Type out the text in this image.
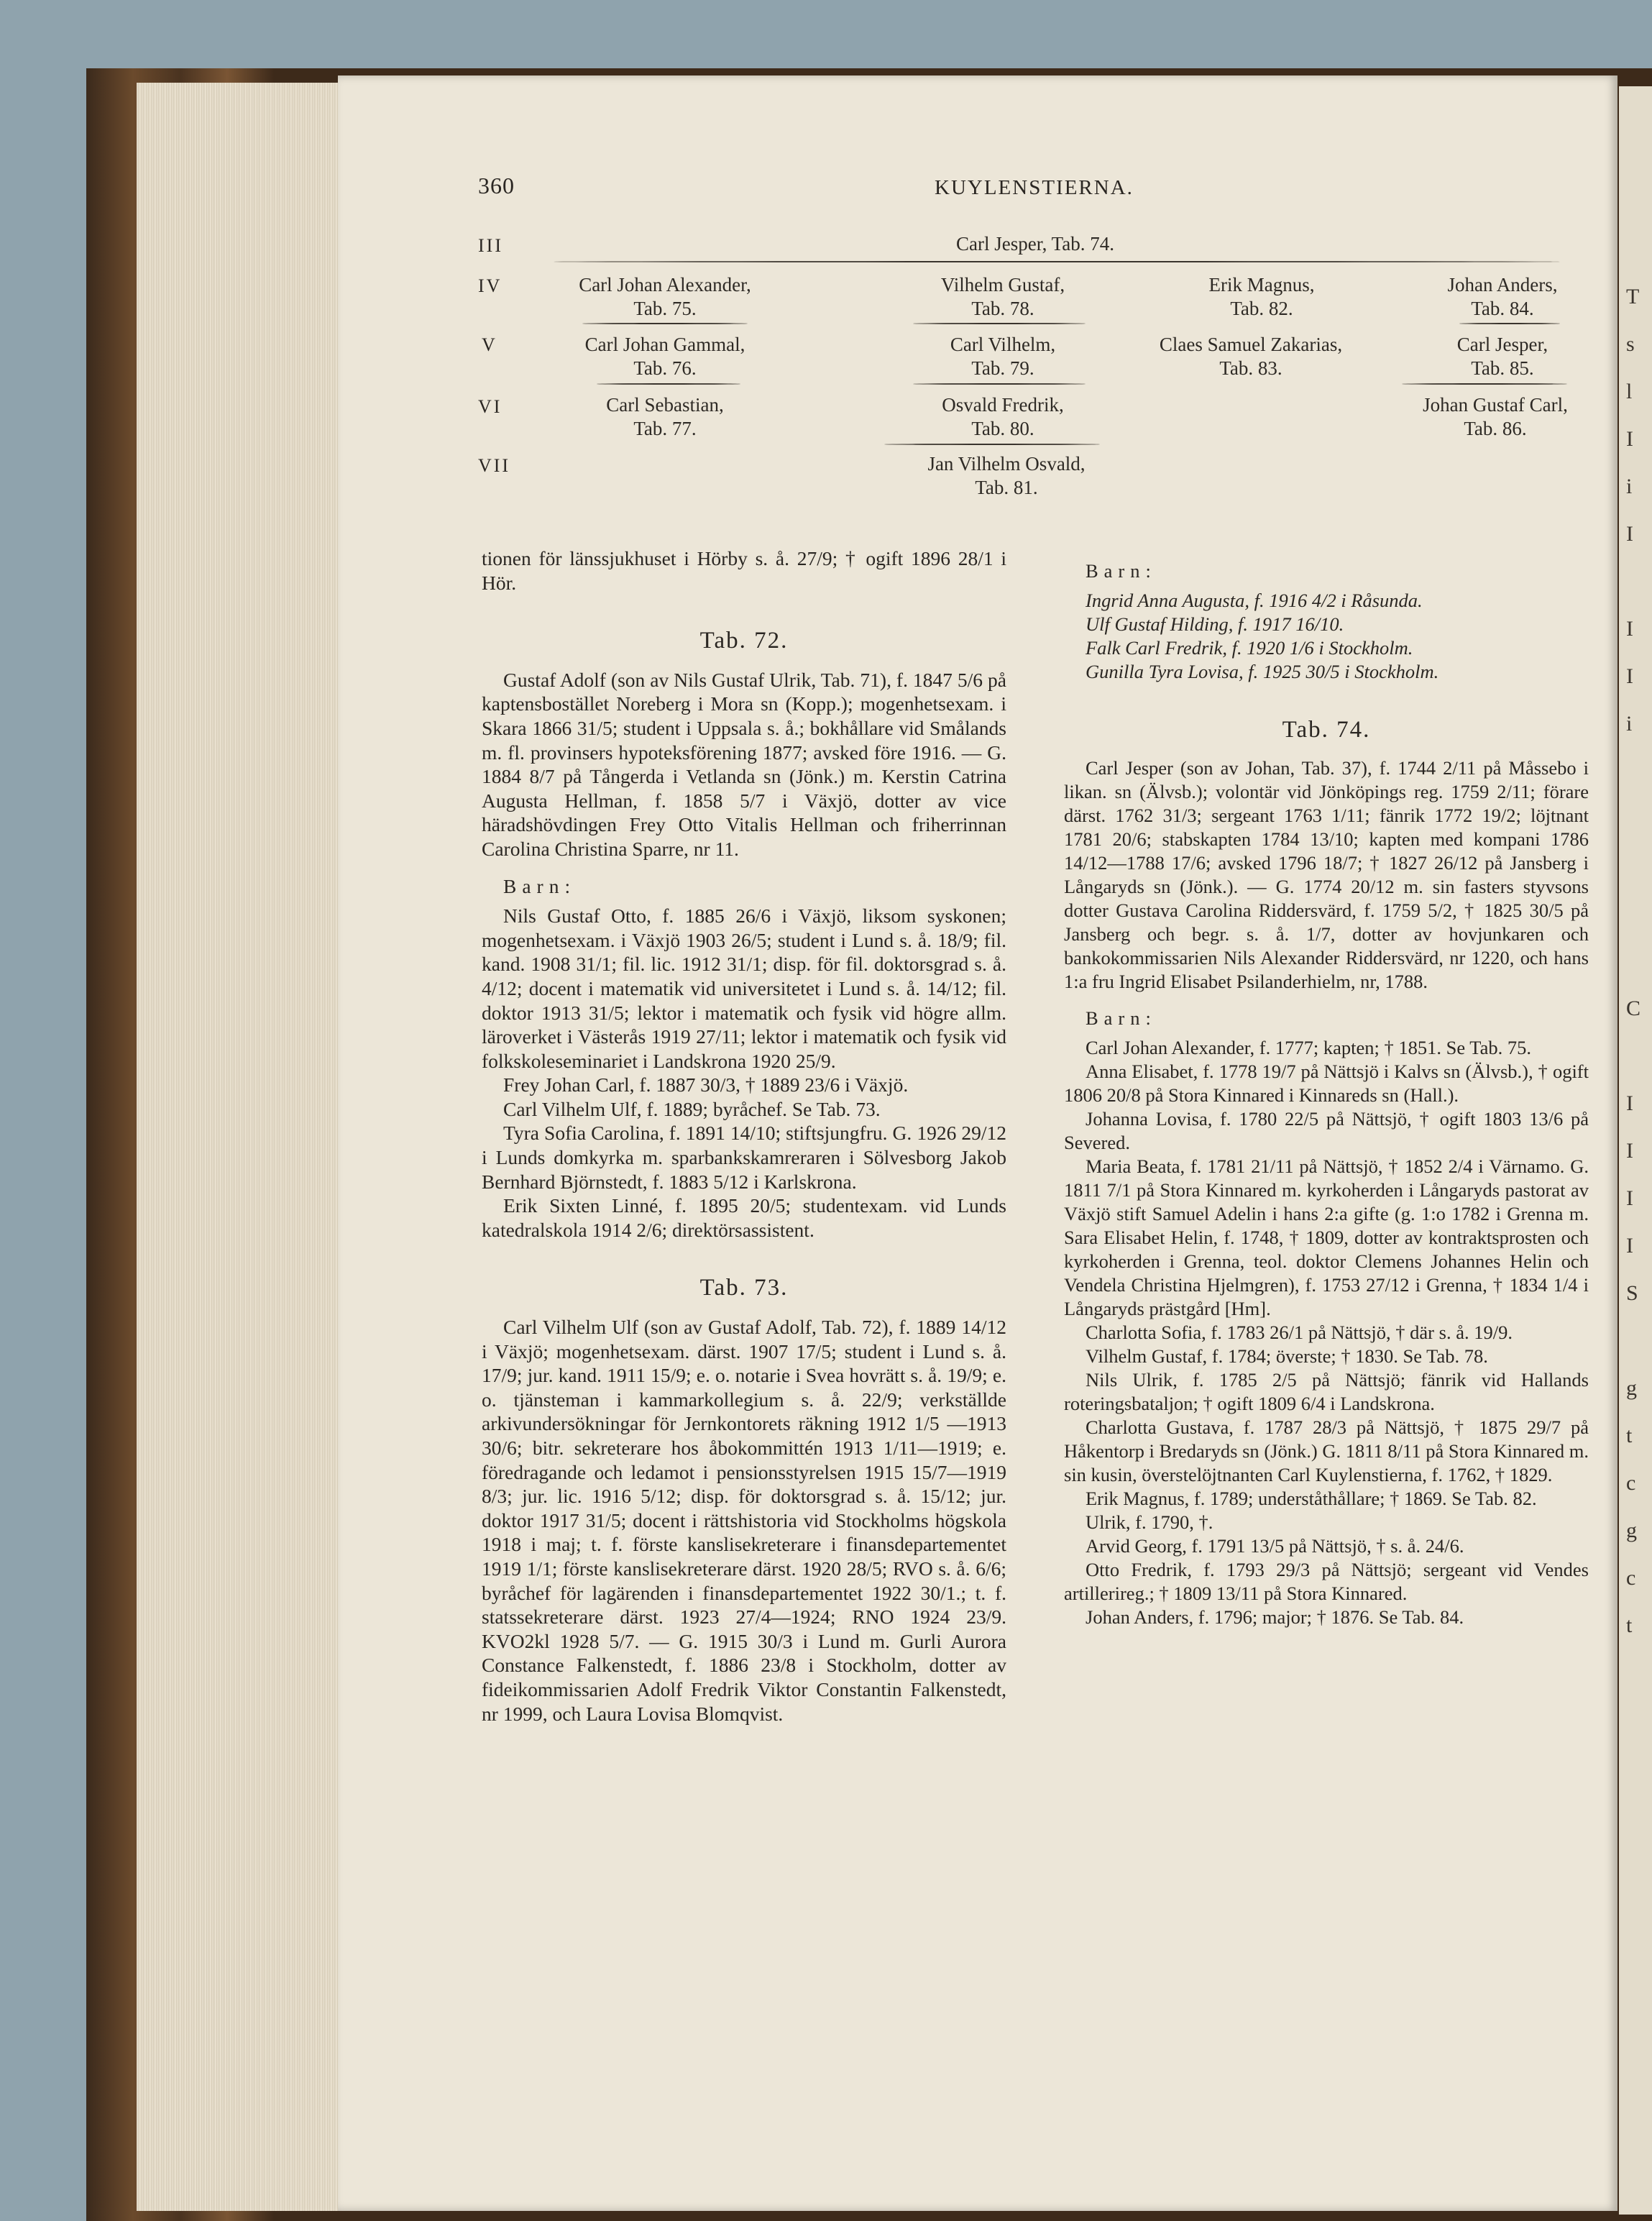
T
s
l
I
i
I

I
I
i

C

I
I
I
I
S

g
t
c
g
c
t
360	KUYLENSTIERNA.
III
IV
V
VI
VII
Carl Jesper, Tab. 74.
Carl Johan Alexander,
Tab. 75.
Vilhelm Gustaf,
Tab. 78.
Erik Magnus,
Tab. 82.
Johan Anders,
Tab. 84.
Carl Johan Gammal,
Tab. 76.
Carl Vilhelm,
Tab. 79.
Claes Samuel Zakarias,
Tab. 83.
Carl Jesper,
Tab. 85.
Carl Sebastian,
Tab. 77.
Osvald Fredrik,
Tab. 80.
Johan Gustaf Carl,
Tab. 86.
Jan Vilhelm Osvald,
Tab. 81.

tionen för länssjukhuset i Hörby s. å. 27/9; † ogift 1896 28/1 i Hör.

Tab. 72.

Gustaf Adolf (son av Nils Gustaf Ulrik, Tab. 71), f. 1847 5/6 på kaptensbostället Noreberg i Mora sn (Kopp.); mogenhetsexam. i Skara 1866 31/5; student i Uppsala s. å.; bokhållare vid Smålands m. fl. provinsers hypoteksförening 1877; avsked före 1916. — G. 1884 8/7 på Tångerda i Vetlanda sn (Jönk.) m. Kerstin Catrina Augusta Hellman, f. 1858 5/7 i Växjö, dotter av vice häradshövdingen Frey Otto Vitalis Hellman och friherrinnan Carolina Christina Sparre, nr 11.

Barn:

Nils Gustaf Otto, f. 1885 26/6 i Växjö, liksom syskonen; mogenhetsexam. i Växjö 1903 26/5; student i Lund s. å. 18/9; fil. kand. 1908 31/1; fil. lic. 1912 31/1; disp. för fil. doktorsgrad s. å. 4/12; docent i matematik vid universitetet i Lund s. å. 14/12; fil. doktor 1913 31/5; lektor i matematik och fysik vid högre allm. läroverket i Västerås 1919 27/11; lektor i matematik och fysik vid folkskoleseminariet i Landskrona 1920 25/9.

Frey Johan Carl, f. 1887 30/3, † 1889 23/6 i Växjö.

Carl Vilhelm Ulf, f. 1889; byråchef. Se Tab. 73.

Tyra Sofia Carolina, f. 1891 14/10; stiftsjungfru. G. 1926 29/12 i Lunds domkyrka m. sparbankskamreraren i Sölvesborg Jakob Bernhard Björnstedt, f. 1883 5/12 i Karlskrona.

Erik Sixten Linné, f. 1895 20/5; studentexam. vid Lunds katedralskola 1914 2/6; direktörsassistent.

Tab. 73.

Carl Vilhelm Ulf (son av Gustaf Adolf, Tab. 72), f. 1889 14/12 i Växjö; mogenhetsexam. därst. 1907 17/5; student i Lund s. å. 17/9; jur. kand. 1911 15/9; e. o. notarie i Svea hovrätt s. å. 19/9; e. o. tjänsteman i kammarkollegium s. å. 22/9; verkställde arkivundersökningar för Jernkontorets räkning 1912 1/5 —1913 30/6; bitr. sekreterare hos åbokommittén 1913 1/11—1919; e. föredragande och ledamot i pensionsstyrelsen 1915 15/7—1919 8/3; jur. lic. 1916 5/12; disp. för doktorsgrad s. å. 15/12; jur. doktor 1917 31/5; docent i rättshistoria vid Stockholms högskola 1918 i maj; t. f. förste kanslisekreterare i finansdepartementet 1919 1/1; förste kanslisekreterare därst. 1920 28/5; RVO s. å. 6/6; byråchef för lagärenden i finansdepartementet 1922 30/1.; t. f. statssekreterare därst. 1923 27/4—1924; RNO 1924 23/9. KVO2kl 1928 5/7. — G. 1915 30/3 i Lund m. Gurli Aurora Constance Falkenstedt, f. 1886 23/8 i Stockholm, dotter av fideikommissarien Adolf Fredrik Viktor Constantin Falkenstedt, nr 1999, och Laura Lovisa Blomqvist.

Barn:

Ingrid Anna Augusta, f. 1916 4/2 i Råsunda.

Ulf Gustaf Hilding, f. 1917 16/10.

Falk Carl Fredrik, f. 1920 1/6 i Stockholm.

Gunilla Tyra Lovisa, f. 1925 30/5 i Stockholm.

Tab. 74.

Carl Jesper (son av Johan, Tab. 37), f. 1744 2/11 på Måssebo i likan. sn (Älvsb.); volontär vid Jönköpings reg. 1759 2/11; förare därst. 1762 31/3; sergeant 1763 1/11; fänrik 1772 19/2; löjtnant 1781 20/6; stabskapten 1784 13/10; kapten med kompani 1786 14/12—1788 17/6; avsked 1796 18/7; † 1827 26/12 på Jansberg i Långaryds sn (Jönk.). — G. 1774 20/12 m. sin fasters styvsons dotter Gustava Carolina Riddersvärd, f. 1759 5/2, † 1825 30/5 på Jansberg och begr. s. å. 1/7, dotter av hovjunkaren och bankokommissarien Nils Alexander Riddersvärd, nr 1220, och hans 1:a fru Ingrid Elisabet Psilanderhielm, nr, 1788.

Barn:

Carl Johan Alexander, f. 1777; kapten; † 1851. Se Tab. 75.

Anna Elisabet, f. 1778 19/7 på Nättsjö i Kalvs sn (Älvsb.), † ogift 1806 20/8 på Stora Kinnared i Kinnareds sn (Hall.).

Johanna Lovisa, f. 1780 22/5 på Nättsjö, † ogift 1803 13/6 på Severed.

Maria Beata, f. 1781 21/11 på Nättsjö, † 1852 2/4 i Värnamo. G. 1811 7/1 på Stora Kinnared m. kyrkoherden i Långaryds pastorat av Växjö stift Samuel Adelin i hans 2:a gifte (g. 1:o 1782 i Grenna m. Sara Elisabet Helin, f. 1748, † 1809, dotter av kontraktsprosten och kyrkoherden i Grenna, teol. doktor Clemens Johannes Helin och Vendela Christina Hjelmgren), f. 1753 27/12 i Grenna, † 1834 1/4 i Långaryds prästgård [Hm].

Charlotta Sofia, f. 1783 26/1 på Nättsjö, † där s. å. 19/9.

Vilhelm Gustaf, f. 1784; överste; † 1830. Se Tab. 78.

Nils Ulrik, f. 1785 2/5 på Nättsjö; fänrik vid Hallands roteringsbataljon; † ogift 1809 6/4 i Landskrona.

Charlotta Gustava, f. 1787 28/3 på Nättsjö, † 1875 29/7 på Håkentorp i Bredaryds sn (Jönk.) G. 1811 8/11 på Stora Kinnared m. sin kusin, överstelöjtnanten Carl Kuylenstierna, f. 1762, † 1829.

Erik Magnus, f. 1789; underståthållare; † 1869. Se Tab. 82.

Ulrik, f. 1790, †.

Arvid Georg, f. 1791 13/5 på Nättsjö, † s. å. 24/6.

Otto Fredrik, f. 1793 29/3 på Nättsjö; sergeant vid Vendes artillerireg.; † 1809 13/11 på Stora Kinnared.

Johan Anders, f. 1796; major; † 1876. Se Tab. 84.
